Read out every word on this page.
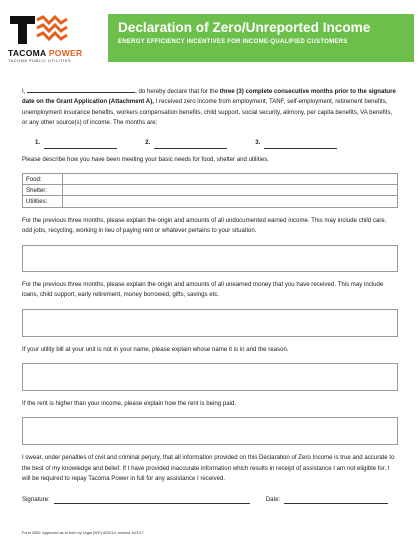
TACOMA POWER
TACOMA PUBLIC UTILITIES
Declaration of Zero/Unreported Income
ENERGY EFFICIENCY INCENTIVES FOR INCOME-QUALIFIED CUSTOMERS
I,	, do hereby declare that for the three (3) complete consecutive months prior to the signature date on the Grant Application (Attachment A), I received zero income from employment, TANF, self-employment, retirement benefits, unemployment insurance benefits, workers compensation benefits, child support, social security, alimony, per capita benefits, VA benefits, or any other source(s) of income. The months are:
1.	2.	3.
Please describe how you have been meeting your basic needs for food, shelter and utilities.
Food:
Shelter:
Utilities:
For the previous three months, please explain the origin and amounts of all undocumented earned income. This may include child care, odd jobs, recycling, working in lieu of paying rent or whatever pertains to your situation.
For the previous three months, please explain the origin and amounts of all unearned money that you have received. This may include loans, child support, early retirement, money borrowed, gifts, savings etc.
If your utility bill at your unit is not in your name, please explain whose name it is in and the reason.
If the rent is higher than your income, please explain how the rent is being paid.
I swear, under penalties of civil and criminal perjury, that all information provided on this Declaration of Zero Income is true and accurate to the best of my knowledge and belief. If I have provided inaccurate information which results in receipt of assistance I am not eligible for, I will be required to repay Tacoma Power in full for any assistance I received.
Signature:	Date:
Form 2502: Approved as to form by Legal (WG) 8/20/14, revised 10/1/17
